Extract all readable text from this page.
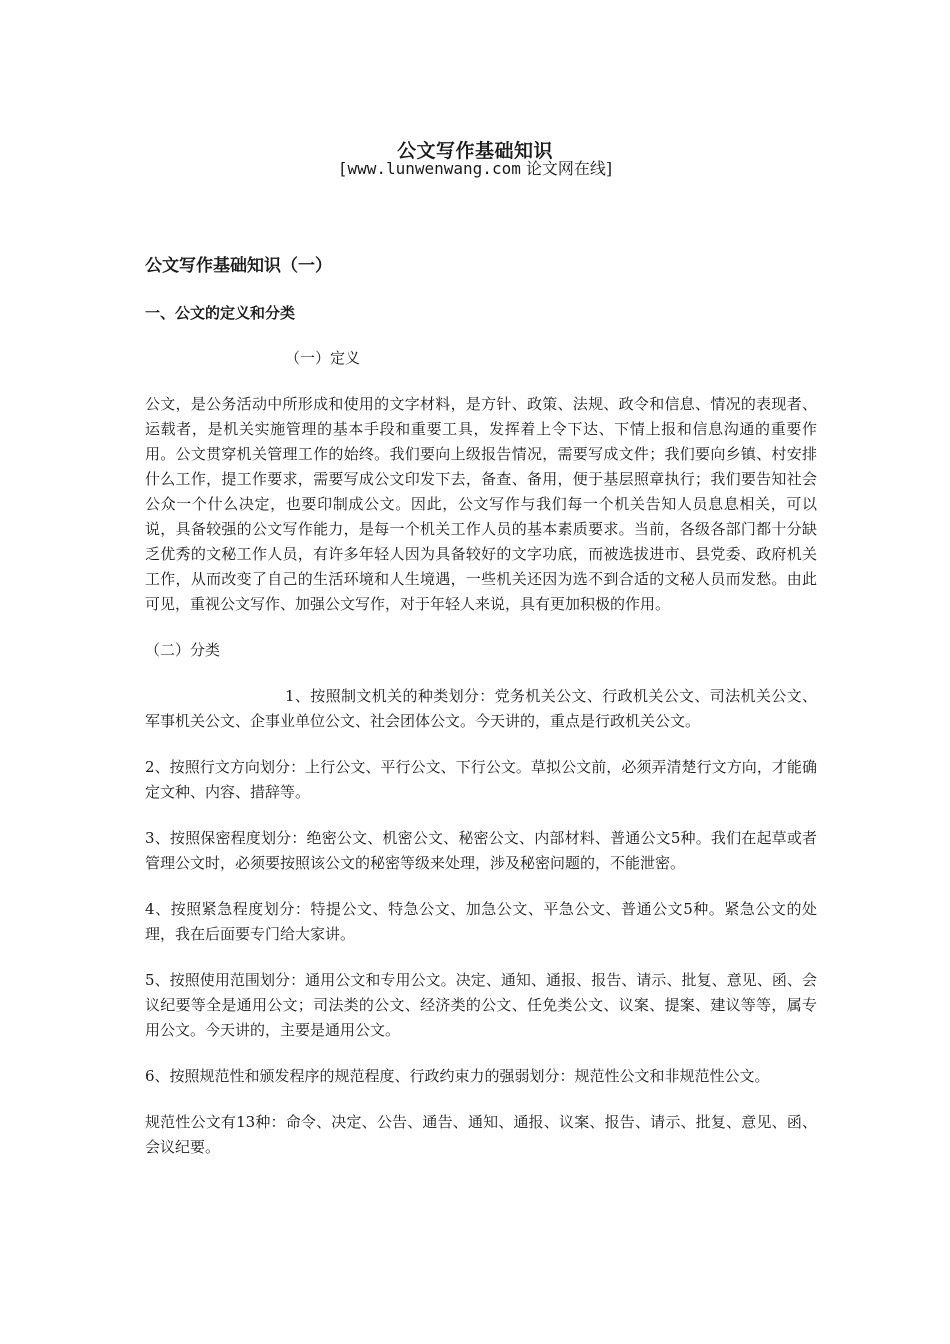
公文写作基础知识
[www.lunwenwang.com 论文网在线]
公文写作基础知识（一）
一、公文的定义和分类
（一）定义

公文，是公务活动中所形成和使用的文字材料，是方针、政策、法规、政令和信息、情况的表现者、运载者，是机关实施管理的基本手段和重要工具，发挥着上令下达、下情上报和信息沟通的重要作用。公文贯穿机关管理工作的始终。我们要向上级报告情况，需要写成文件；我们要向乡镇、村安排什么工作，提工作要求，需要写成公文印发下去，备查、备用，便于基层照章执行；我们要告知社会公众一个什么决定，也要印制成公文。因此，公文写作与我们每一个机关告知人员息息相关，可以说，具备较强的公文写作能力，是每一个机关工作人员的基本素质要求。当前，各级各部门都十分缺乏优秀的文秘工作人员，有许多年轻人因为具备较好的文字功底，而被选拔进市、县党委、政府机关工作，从而改变了自己的生活环境和人生境遇，一些机关还因为选不到合适的文秘人员而发愁。由此可见，重视公文写作、加强公文写作，对于年轻人来说，具有更加积极的作用。

（二）分类

1、按照制文机关的种类划分：党务机关公文、行政机关公文、司法机关公文、军事机关公文、企事业单位公文、社会团体公文。今天讲的，重点是行政机关公文。

2、按照行文方向划分：上行公文、平行公文、下行公文。草拟公文前，必须弄清楚行文方向，才能确定文种、内容、措辞等。

3、按照保密程度划分：绝密公文、机密公文、秘密公文、内部材料、普通公文5种。我们在起草或者管理公文时，必须要按照该公文的秘密等级来处理，涉及秘密问题的，不能泄密。

4、按照紧急程度划分：特提公文、特急公文、加急公文、平急公文、普通公文5种。紧急公文的处理，我在后面要专门给大家讲。

5、按照使用范围划分：通用公文和专用公文。决定、通知、通报、报告、请示、批复、意见、函、会议纪要等全是通用公文；司法类的公文、经济类的公文、任免类公文、议案、提案、建议等等，属专用公文。今天讲的，主要是通用公文。

6、按照规范性和颁发程序的规范程度、行政约束力的强弱划分：规范性公文和非规范性公文。

规范性公文有13种：命令、决定、公告、通告、通知、通报、议案、报告、请示、批复、意见、函、会议纪要。
